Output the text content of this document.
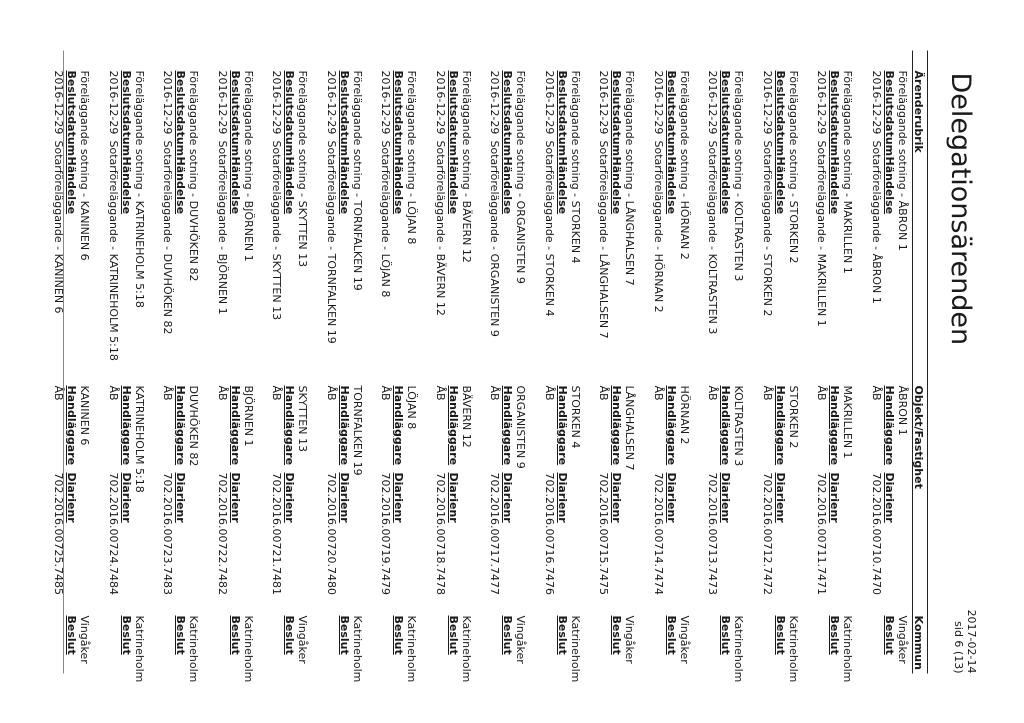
Delegationsärenden
2017-02-14
sid 6 (13)
Ärenderubrik
Objekt/Fastighet
Kommun
Föreläggande sotning - ÅBRON 1
ÅBRON 1
Vingåker
Beslutsdatum
Händelse
Handläggare
Diarienr
Beslut
2016-12-29
Sotarföreläggande - ÅBRON 1
ÅB
702.2016.00710.7470
Föreläggande sotning - MAKRILLEN 1
MAKRILLEN 1
Katrineholm
Beslutsdatum
Händelse
Handläggare
Diarienr
Beslut
2016-12-29
Sotarföreläggande - MAKRILLEN 1
ÅB
702.2016.00711.7471
Föreläggande sotning - STORKEN 2
STORKEN 2
Katrineholm
Beslutsdatum
Händelse
Handläggare
Diarienr
Beslut
2016-12-29
Sotarföreläggande - STORKEN 2
ÅB
702.2016.00712.7472
Föreläggande sotning - KOLTRASTEN 3
KOLTRASTEN 3
Katrineholm
Beslutsdatum
Händelse
Handläggare
Diarienr
Beslut
2016-12-29
Sotarföreläggande - KOLTRASTEN 3
ÅB
702.2016.00713.7473
Föreläggande sotning - HÖRNAN 2
HÖRNAN 2
Vingåker
Beslutsdatum
Händelse
Handläggare
Diarienr
Beslut
2016-12-29
Sotarföreläggande - HÖRNAN 2
ÅB
702.2016.00714.7474
Föreläggande sotning - LÅNGHALSEN 7
LÅNGHALSEN 7
Vingåker
Beslutsdatum
Händelse
Handläggare
Diarienr
Beslut
2016-12-29
Sotarföreläggande - LÅNGHALSEN 7
ÅB
702.2016.00715.7475
Föreläggande sotning - STORKEN 4
STORKEN 4
Katrineholm
Beslutsdatum
Händelse
Handläggare
Diarienr
Beslut
2016-12-29
Sotarföreläggande - STORKEN 4
ÅB
702.2016.00716.7476
Föreläggande sotning - ORGANISTEN 9
ORGANISTEN 9
Vingåker
Beslutsdatum
Händelse
Handläggare
Diarienr
Beslut
2016-12-29
Sotarföreläggande - ORGANISTEN 9
ÅB
702.2016.00717.7477
Föreläggande sotning - BÄVERN 12
BÄVERN 12
Katrineholm
Beslutsdatum
Händelse
Handläggare
Diarienr
Beslut
2016-12-29
Sotarföreläggande - BÄVERN 12
ÅB
702.2016.00718.7478
Föreläggande sotning - LÖJAN 8
LÖJAN 8
Katrineholm
Beslutsdatum
Händelse
Handläggare
Diarienr
Beslut
2016-12-29
Sotarföreläggande - LÖJAN 8
ÅB
702.2016.00719.7479
Föreläggande sotning - TORNFALKEN 19
TORNFALKEN 19
Katrineholm
Beslutsdatum
Händelse
Handläggare
Diarienr
Beslut
2016-12-29
Sotarföreläggande - TORNFALKEN 19
ÅB
702.2016.00720.7480
Föreläggande sotning - SKYTTEN 13
SKYTTEN 13
Vingåker
Beslutsdatum
Händelse
Handläggare
Diarienr
Beslut
2016-12-29
Sotarföreläggande - SKYTTEN 13
ÅB
702.2016.00721.7481
Föreläggande sotning - BJÖRNEN 1
BJÖRNEN 1
Katrineholm
Beslutsdatum
Händelse
Handläggare
Diarienr
Beslut
2016-12-29
Sotarföreläggande - BJÖRNEN 1
ÅB
702.2016.00722.7482
Föreläggande sotning - DUVHÖKEN 82
DUVHÖKEN 82
Katrineholm
Beslutsdatum
Händelse
Handläggare
Diarienr
Beslut
2016-12-29
Sotarföreläggande - DUVHÖKEN 82
ÅB
702.2016.00723.7483
Föreläggande sotning - KATRINEHOLM 5:18
KATRINEHOLM 5:18
Katrineholm
Beslutsdatum
Händelse
Handläggare
Diarienr
Beslut
2016-12-29
Sotarföreläggande - KATRINEHOLM 5:18
ÅB
702.2016.00724.7484
Föreläggande sotning - KANINEN 6
KANINEN 6
Vingåker
Beslutsdatum
Händelse
Handläggare
Diarienr
Beslut
2016-12-29
Sotarföreläggande - KANINEN 6
ÅB
702.2016.00725.7485
